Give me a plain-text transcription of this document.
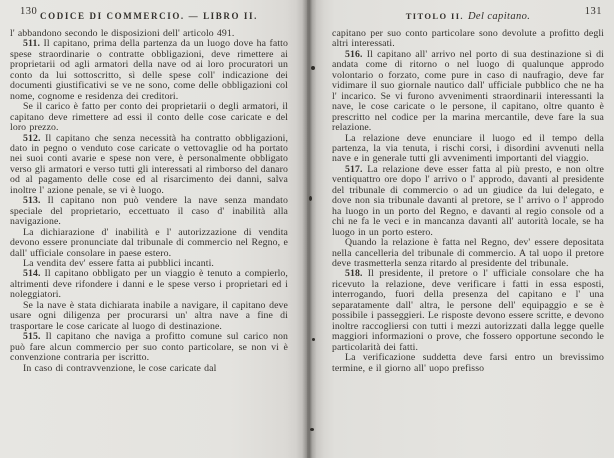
130 CODICE DI COMMERCIO. — LIBRO II.

l' abbandono secondo le disposizioni dell' articolo 491.

511. Il capitano, prima della partenza da un luogo dove ha fatto spese straordinarie o contratte obbligazioni, deve rimettere ai proprietarii od agli armatori della nave od ai loro procuratori un conto da lui sottoscritto, sì delle spese coll' indicazione dei documenti giustificativi se ve ne sono, come delle obbligazioni col nome, cognome e residenza dei creditori.

Se il carico è fatto per conto dei proprietarii o degli armatori, il capitano deve rimettere ad essi il conto delle cose caricate e del loro prezzo.

512. Il capitano che senza necessità ha contratto obbligazioni, dato in pegno o venduto cose caricate o vettovaglie od ha portato nei suoi conti avarie e spese non vere, è personalmente obbligato verso gli armatori e verso tutti gli interessati al rimborso del danaro od al pagamento delle cose ed al risarcimento dei danni, salva inoltre l' azione penale, se vi è luogo.

513. Il capitano non può vendere la nave senza mandato speciale del proprietario, eccettuato il caso d' inabilità alla navigazione.

La dichiarazione d' inabilità e l' autorizzazione di vendita devono essere pronunciate dal tribunale di commercio nel Regno, e dall' ufficiale consolare in paese estero.

La vendita dev' essere fatta ai pubblici incanti.

514. Il capitano obbligato per un viaggio è tenuto a compierlo, altrimenti deve rifondere i danni e le spese verso i proprietari ed i noleggiatori.

Se la nave è stata dichiarata inabile a navigare, il capitano deve usare ogni diligenza per procurarsi un' altra nave a fine di trasportare le cose caricate al luogo di destinazione.

515. Il capitano che naviga a profitto comune sul carico non può fare alcun commercio per suo conto particolare, se non vi è convenzione contraria per iscritto.

In caso di contravvenzione, le cose caricate dal

TITOLO II. Del capitano.	131

capitano per suo conto particolare sono devolute a profitto degli altri interessati.

516. Il capitano all' arrivo nel porto di sua destinazione sì di andata come di ritorno o nel luogo di qualunque approdo volontario o forzato, come pure in caso di naufragio, deve far vidimare il suo giornale nautico dall' ufficiale pubblico che ne ha l' incarico. Se vi furono avvenimenti straordinarii interessanti la nave, le cose caricate o le persone, il capitano, oltre quanto è prescritto nel codice per la marina mercantile, deve fare la sua relazione.

La relazione deve enunciare il luogo ed il tempo della partenza, la via tenuta, i rischi corsi, i disordini avvenuti nella nave e in generale tutti gli avvenimenti importanti del viaggio.

517. La relazione deve esser fatta al più presto, e non oltre ventiquattro ore dopo l' arrivo o l' approdo, davanti al presidente del tribunale di commercio o ad un giudice da lui delegato, e dove non sia tribunale davanti al pretore, se l' arrivo o l' approdo ha luogo in un porto del Regno, e davanti al regio console od a chi ne fa le veci e in mancanza davanti all' autorità locale, se ha luogo in un porto estero.

Quando la relazione è fatta nel Regno, dev' essere depositata nella cancelleria del tribunale di commercio. A tal uopo il pretore deve trasmetterla senza ritardo al presidente del tribunale.

518. Il presidente, il pretore o l' ufficiale consolare che ha ricevuto la relazione, deve verificare i fatti in essa esposti, interrogando, fuori della presenza del capitano e l' una separatamente dall' altra, le persone dell' equipaggio e se è possibile i passeggieri. Le risposte devono essere scritte, e devono inoltre raccogliersi con tutti i mezzi autorizzati dalla legge quelle maggiori informazioni o prove, che fossero opportune secondo le particolarità dei fatti.

La verificazione suddetta deve farsi entro un brevissimo termine, e il giorno all' uopo prefisso
